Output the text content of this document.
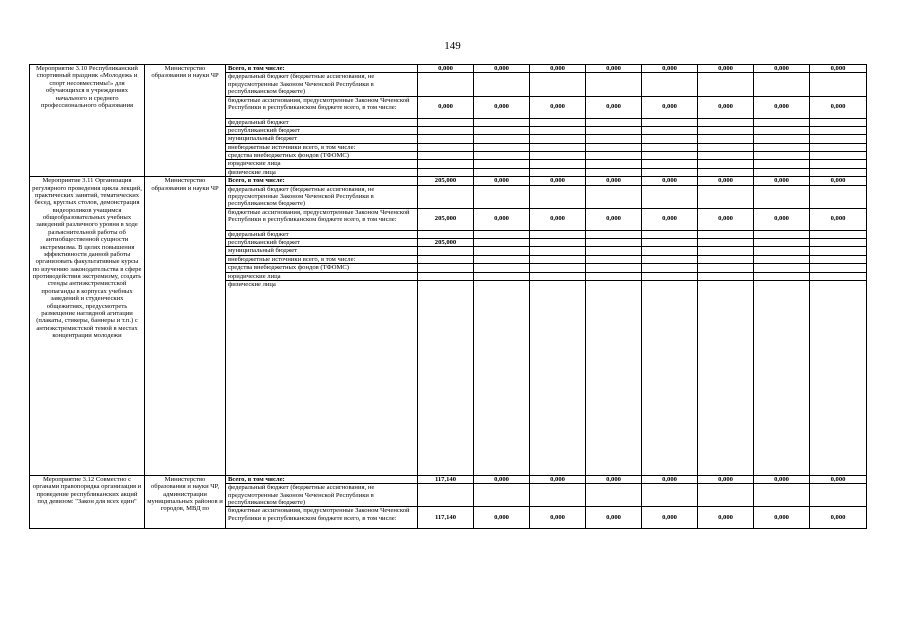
149
Мероприятие 3.10 Республиканский спортивный праздник «Молодежь и спорт несовместимы!» для обучающихся в учреждениях начального и среднего профессионального образования	Министерство образования и науки ЧР	Всего, в том числе:	0,000	0,000	0,000	0,000	0,000	0,000	0,000	0,000
		федеральный бюджет (бюджетные ассигнования, не предусмотренные Законом Чеченской Республики в республиканском бюджете)								
		бюджетные ассигнования, предусмотренные Законом Чеченской Республики в республиканском бюджете всего, в том числе:	0,000	0,000	0,000	0,000	0,000	0,000	0,000	0,000
		федеральный бюджет								
		республиканский бюджет								
		муниципальный бюджет								
		внебюджетные источники всего, в том числе:								
		средства внебюджетных фондов (ТФОМС)								
		юридические лица								
		физические лица								
Мероприятие 3.11 Организация регулярного проведения цикла лекций, практических занятий, тематических бесед, круглых столов, демонстрация видеороликов учащимся общеобразовательных учебных заведений различного уровня в ходе разъяснительной работы об антиобщественной сущности экстремизма. В целях повышения эффективности данной работы организовать факультативные курсы по изучению законодательства в сфере противодействия экстремизму, создать стенды антиэкстремистской пропаганды в корпусах учебных заведений и студенческих общежитиях, предусмотреть размещение наглядной агитации (плакаты, стикеры, баннеры и т.п.) с антиэкстремистской темой в местах концентрации молодежи	Министерство образования и науки ЧР	Всего, в том числе:	205,000	0,000	0,000	0,000	0,000	0,000	0,000	0,000
		федеральный бюджет (бюджетные ассигнования, не предусмотренные Законом Чеченской Республики в республиканском бюджете)								
		бюджетные ассигнования, предусмотренные Законом Чеченской Республики в республиканском бюджете всего, в том числе:	205,000	0,000	0,000	0,000	0,000	0,000	0,000	0,000
		федеральный бюджет								
		республиканский бюджет	205,000							
		муниципальный бюджет								
		внебюджетные источники всего, в том числе:								
		средства внебюджетных фондов (ТФОМС)								
		юридические лица								
		физические лица								
Мероприятие 3.12 Совместно с органами правопорядка организация и проведение республиканских акций под девизом: "Закон для всех един"	Министерство образования и науки ЧР, администрации муниципальных районов и городов, МВД по	Всего, в том числе:	117,140	0,000	0,000	0,000	0,000	0,000	0,000	0,000
		федеральный бюджет (бюджетные ассигнования, не предусмотренные Законом Чеченской Республики в республиканском бюджете)								
		бюджетные ассигнования, предусмотренные Законом Чеченской Республики в республиканском бюджете всего, в том числе:	117,140	0,000	0,000	0,000	0,000	0,000	0,000	0,000
